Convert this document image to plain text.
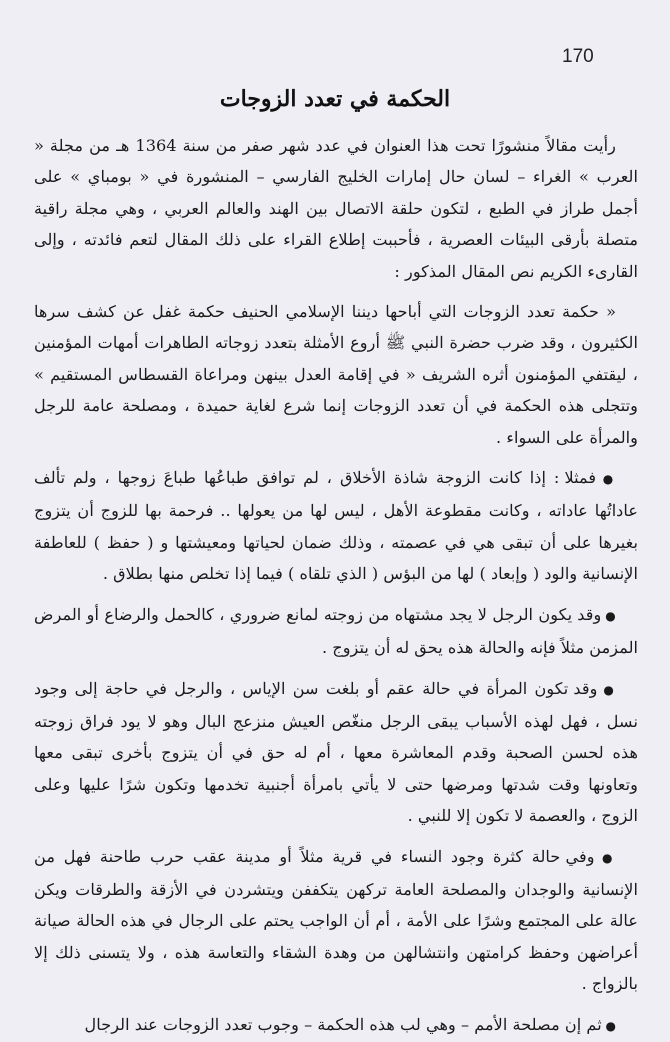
170
الحكمة في تعدد الزوجات

رأيت مقالاً منشورًا تحت هذا العنوان في عدد شهر صفر من سنة 1364 هـ من مجلة « العرب » الغراء – لسان حال إمارات الخليج الفارسي – المنشورة في « بومباي » على أجمل طراز في الطبع ، لتكون حلقة الاتصال بين الهند والعالم العربي ، وهي مجلة راقية متصلة بأرقى البيئات العصرية ، فأحببت إطلاع القراء على ذلك المقال لتعم فائدته ، وإلى القارىء الكريم نص المقال المذكور :

« حكمة تعدد الزوجات التي أباحها ديننا الإسلامي الحنيف حكمة غفل عن كشف سرها الكثيرون ، وقد ضرب حضرة النبي ﷺ أروع الأمثلة بتعدد زوجاته الطاهرات أمهات المؤمنين ، ليقتفي المؤمنون أثره الشريف « في إقامة العدل بينهن ومراعاة القسطاس المستقيم » وتتجلى هذه الحكمة في أن تعدد الزوجات إنما شرع لغاية حميدة ، ومصلحة عامة للرجل والمرأة على السواء .

● فمثلا : إذا كانت الزوجة شاذة الأخلاق ، لم توافق طباعُها طباعَ زوجها ، ولم تألف عاداتُها عاداته ، وكانت مقطوعة الأهل ، ليس لها من يعولها .. فرحمة بها للزوج أن يتزوج بغيرها على أن تبقى هي في عصمته ، وذلك ضمان لحياتها ومعيشتها و ( حفظ ) للعاطفة الإنسانية والود ( وإبعاد ) لها من البؤس ( الذي تلقاه ) فيما إذا تخلص منها بطلاق .

● وقد يكون الرجل لا يجد مشتهاه من زوجته لمانع ضروري ، كالحمل والرضاع أو المرض المزمن مثلاً فإنه والحالة هذه يحق له أن يتزوج .

● وقد تكون المرأة في حالة عقم أو بلغت سن الإياس ، والرجل في حاجة إلى وجود نسل ، فهل لهذه الأسباب يبقى الرجل منغّص العيش منزعج البال وهو لا يود فراق زوجته هذه لحسن الصحبة وقدم المعاشرة معها ، أم له حق في أن يتزوج بأخرى تبقى معها وتعاونها وقت شدتها ومرضها حتى لا يأتي بامرأة أجنبية تخدمها وتكون شرًا عليها وعلى الزوج ، والعصمة لا تكون إلا للنبي .

● وفي حالة كثرة وجود النساء في قرية مثلاً أو مدينة عقب حرب طاحنة فهل من الإنسانية والوجدان والمصلحة العامة تركهن يتكففن ويتشردن في الأزقة والطرقات ويكن عالة على المجتمع وشرًا على الأمة ، أم أن الواجب يحتم على الرجال في هذه الحالة صيانة أعراضهن وحفظ كرامتهن وانتشالهن من وهدة الشقاء والتعاسة هذه ، ولا يتسنى ذلك إلا بالزواج .

● ثم إن مصلحة الأمم – وهي لب هذه الحكمة – وجوب تعدد الزوجات عند الرجال
